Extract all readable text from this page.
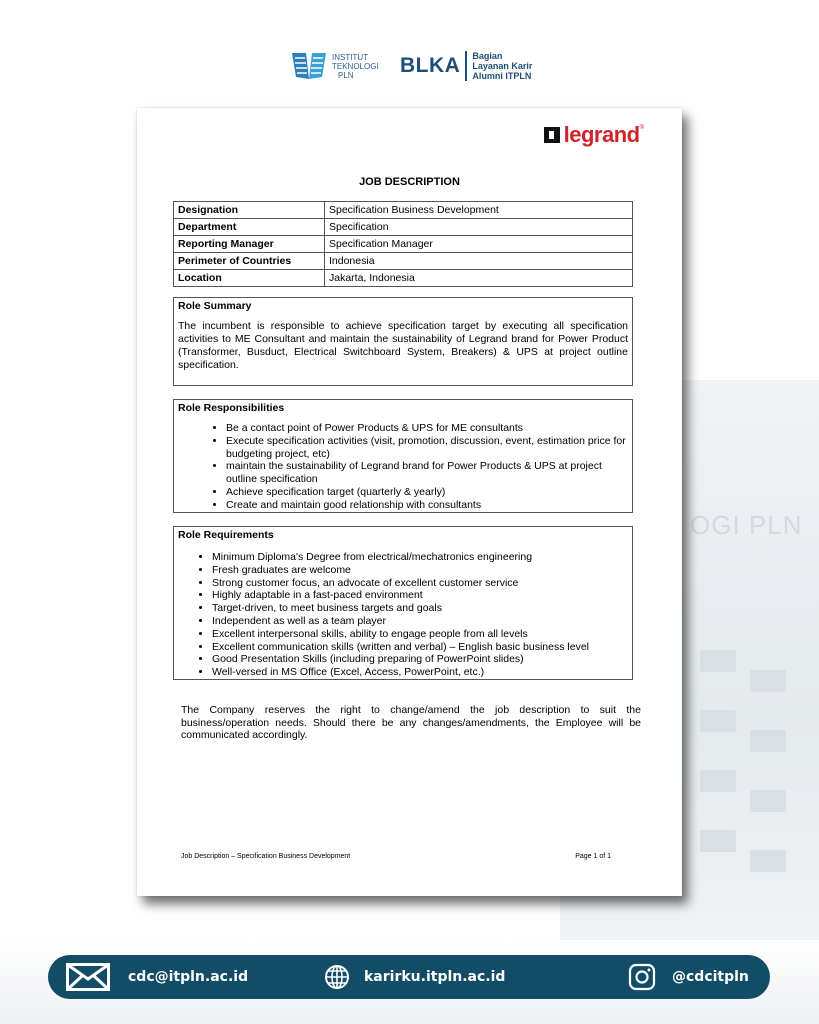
OGI PLN
INSTITUT
TEKNOLOGI
PLN	BLKA Bagian
Layanan Karir
Alumni ITPLN
legrand ®
JOB DESCRIPTION
Designation	Specification Business Development
Department	Specification
Reporting Manager	Specification Manager
Perimeter of Countries	Indonesia
Location	Jakarta, Indonesia
Role Summary
The incumbent is responsible to achieve specification target by executing all specification activities to ME Consultant and maintain the sustainability of Legrand brand for Power Product (Transformer, Busduct, Electrical Switchboard System, Breakers) & UPS at project outline specification.
Role Responsibilities
• Be a contact point of Power Products & UPS for ME consultants
• Execute specification activities (visit, promotion, discussion, event, estimation price for budgeting project, etc)
• maintain the sustainability of Legrand brand for Power Products & UPS at project outline specification
• Achieve specification target (quarterly & yearly)
• Create and maintain good relationship with consultants
Role Requirements
• Minimum Diploma's Degree from electrical/mechatronics engineering
• Fresh graduates are welcome
• Strong customer focus, an advocate of excellent customer service
• Highly adaptable in a fast-paced environment
• Target-driven, to meet business targets and goals
• Independent as well as a team player
• Excellent interpersonal skills, ability to engage people from all levels
• Excellent communication skills (written and verbal) – English basic business level
• Good Presentation Skills (including preparing of PowerPoint slides)
• Well-versed in MS Office (Excel, Access, PowerPoint, etc.)
The Company reserves the right to change/amend the job description to suit the business/operation needs. Should there be any changes/amendments, the Employee will be communicated accordingly.
Job Description – Specification Business Development	Page 1 of 1
cdc@itpln.ac.id	karirku.itpln.ac.id	@cdcitpln
